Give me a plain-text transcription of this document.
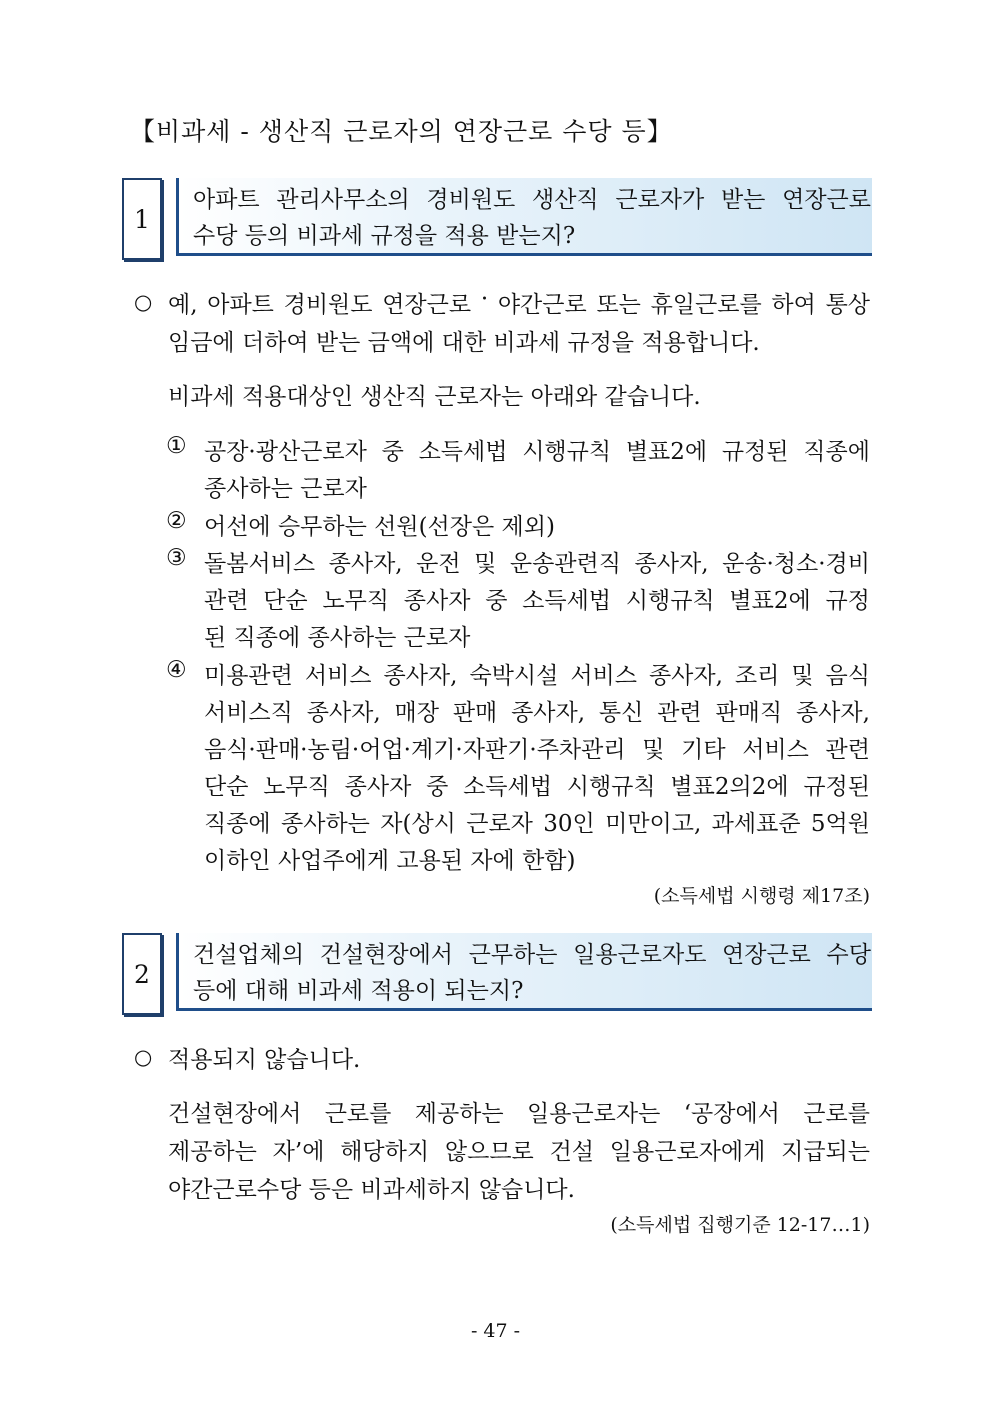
【비과세 - 생산직 근로자의 연장근로 수당 등】
1
아파트 관리사무소의 경비원도 생산직 근로자가 받는 연장근로
수당 등의 비과세 규정을 적용 받는지?
○ 예, 아파트 경비원도 연장근로 · 야간근로 또는 휴일근로를 하여 통상
임금에 더하여 받는 금액에 대한 비과세 규정을 적용합니다.
비과세 적용대상인 생산직 근로자는 아래와 같습니다.
① 공장·광산근로자 중 소득세법 시행규칙 별표2에 규정된 직종에
종사하는 근로자
② 어선에 승무하는 선원(선장은 제외)
③ 돌봄서비스 종사자, 운전 및 운송관련직 종사자, 운송·청소·경비
관련 단순 노무직 종사자 중 소득세법 시행규칙 별표2에 규정
된 직종에 종사하는 근로자
④ 미용관련 서비스 종사자, 숙박시설 서비스 종사자, 조리 및 음식
서비스직 종사자, 매장 판매 종사자, 통신 관련 판매직 종사자,
음식·판매·농림·어업·계기·자판기·주차관리 및 기타 서비스 관련
단순 노무직 종사자 중 소득세법 시행규칙 별표2의2에 규정된
직종에 종사하는 자(상시 근로자 30인 미만이고, 과세표준 5억원
이하인 사업주에게 고용된 자에 한함)
(소득세법 시행령 제17조)
2
건설업체의 건설현장에서 근무하는 일용근로자도 연장근로 수당
등에 대해 비과세 적용이 되는지?
○ 적용되지 않습니다.
건설현장에서 근로를 제공하는 일용근로자는 ‘공장에서 근로를
제공하는 자’에 해당하지 않으므로 건설 일용근로자에게 지급되는
야간근로수당 등은 비과세하지 않습니다.
(소득세법 집행기준 12-17…1)
- 47 -
